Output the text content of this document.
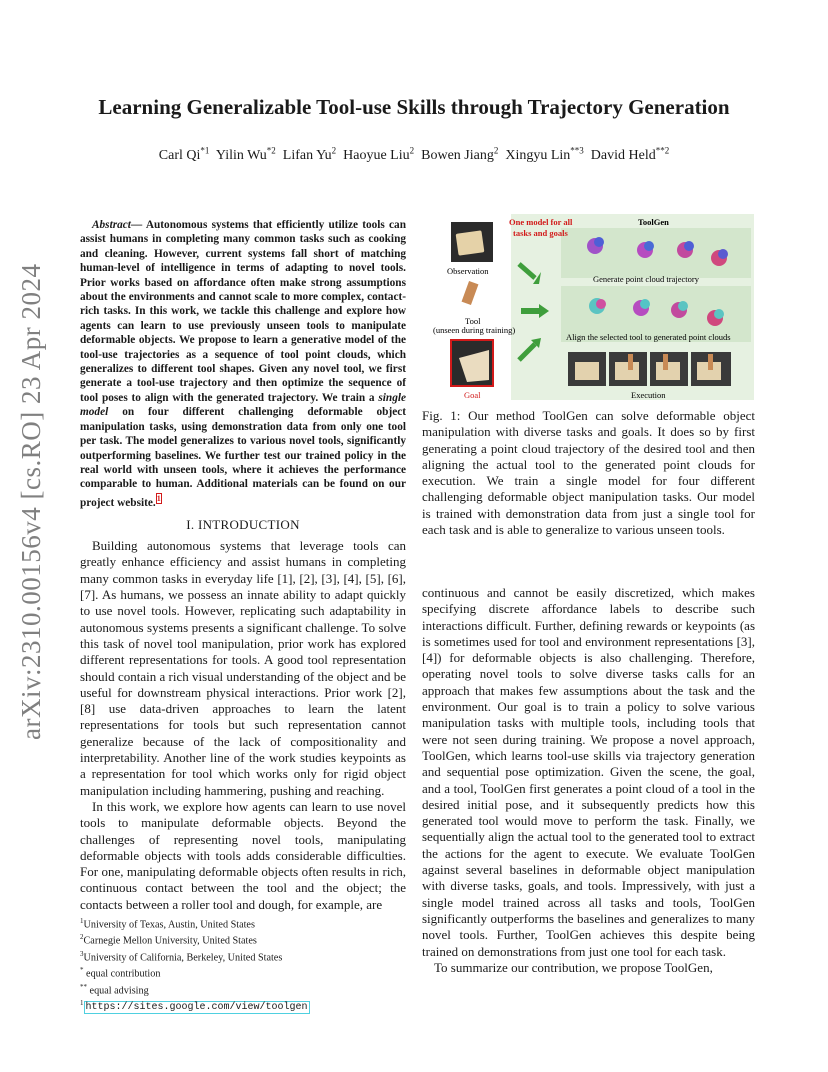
arXiv:2310.00156v4 [cs.RO] 23 Apr 2024
Learning Generalizable Tool-use Skills through Trajectory Generation
Carl Qi$^{*1}$ Yilin Wu$^{*2}$ Lifan Yu$^2$ Haoyue Liu$^2$ Bowen Jiang$^2$ Xingyu Lin$^{**3}$ David Held$^{**2}$

Abstract— Autonomous systems that efficiently utilize tools can assist humans in completing many common tasks such as cooking and cleaning. However, current systems fall short of matching human-level of intelligence in terms of adapting to novel tools. Prior works based on affordance often make strong assumptions about the environments and cannot scale to more complex, contact-rich tasks. In this work, we tackle this challenge and explore how agents can learn to use previously unseen tools to manipulate deformable objects. We propose to learn a generative model of the tool-use trajectories as a sequence of tool point clouds, which generalizes to different tool shapes. Given any novel tool, we first generate a tool-use trajectory and then optimize the sequence of tool poses to align with the generated trajectory. We train a single model on four different challenging deformable object manipulation tasks, using demonstration data from only one tool per task. The model generalizes to various novel tools, significantly outperforming baselines. We further test our trained policy in the real world with unseen tools, where it achieves the performance comparable to human. Additional materials can be found on our project website.$^1$

I. INTRODUCTION

Building autonomous systems that leverage tools can greatly enhance efficiency and assist humans in completing many common tasks in everyday life [1], [2], [3], [4], [5], [6], [7]. As humans, we possess an innate ability to adapt quickly to use novel tools. However, replicating such adaptability in autonomous systems presents a significant challenge. To solve this task of novel tool manipulation, prior work has explored different representations for tools. A good tool representation should contain a rich visual understanding of the object and be useful for downstream physical interactions. Prior work [2],[8] use data-driven approaches to learn the latent representations for tools but such representation cannot generalize because of the lack of compositionality and interpretability. Another line of the work studies keypoints as a representation for tool which works only for rigid object manipulation including hammering, pushing and reaching.

In this work, we explore how agents can learn to use novel tools to manipulate deformable objects. Beyond the challenges of representing novel tools, manipulating deformable objects with tools adds considerable difficulties. For one, manipulating deformable objects often results in rich, continuous contact between the tool and the object; the contacts between a roller tool and dough, for example, are

$^1$University of Texas, Austin, United States
$^2$Carnegie Mellon University, United States
$^3$University of California, Berkeley, United States
* equal contribution
** equal advising
$^1$ https://sites.google.com/view/toolgen
Observation
Tool
(unseen during training)
Goal
One model for all
tasks and goals
ToolGen
Generate point cloud trajectory
Align the selected tool to generated point clouds
Execution
Fig. 1: Our method ToolGen can solve deformable object manipulation with diverse tasks and goals. It does so by first generating a point cloud trajectory of the desired tool and then aligning the actual tool to the generated point clouds for execution. We train a single model for four different challenging deformable object manipulation tasks. Our model is trained with demonstration data from just a single tool for each task and is able to generalize to various unseen tools.

continuous and cannot be easily discretized, which makes specifying discrete affordance labels to describe such interactions difficult. Further, defining rewards or keypoints (as is sometimes used for tool and environment representations [3], [4]) for deformable objects is also challenging. Therefore, operating novel tools to solve diverse tasks calls for an approach that makes few assumptions about the task and the environment. Our goal is to train a policy to solve various manipulation tasks with multiple tools, including tools that were not seen during training. We propose a novel approach, ToolGen, which learns tool-use skills via trajectory generation and sequential pose optimization. Given the scene, the goal, and a tool, ToolGen first generates a point cloud of a tool in the desired initial pose, and it subsequently predicts how this generated tool would move to perform the task. Finally, we sequentially align the actual tool to the generated tool to extract the actions for the agent to execute. We evaluate ToolGen against several baselines in deformable object manipulation with diverse tasks, goals, and tools. Impressively, with just a single model trained across all tasks and tools, ToolGen significantly outperforms the baselines and generalizes to many novel tools. Further, ToolGen achieves this despite being trained on demonstrations from just one tool for each task.

To summarize our contribution, we propose ToolGen,
